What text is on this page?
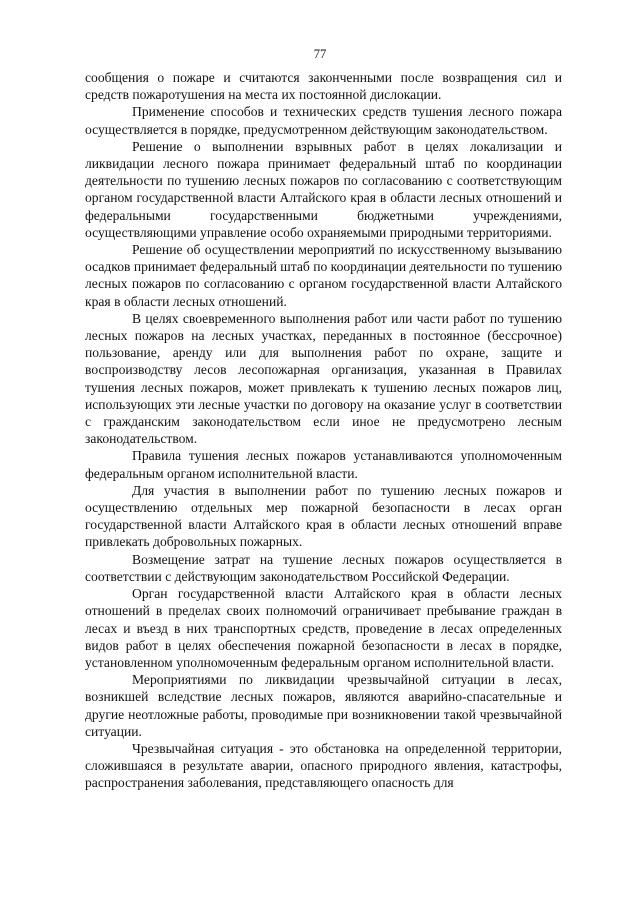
77

сообщения о пожаре и считаются законченными после возвращения сил и средств пожаротушения на места их постоянной дислокации.

Применение способов и технических средств тушения лесного пожара осуществляется в порядке, предусмотренном действующим законодательством.

Решение о выполнении взрывных работ в целях локализации и ликвидации лесного пожара принимает федеральный штаб по координации деятельности по тушению лесных пожаров по согласованию с соответствующим органом государственной власти Алтайского края в области лесных отношений и федеральными государственными бюджетными учреждениями, осуществляющими управление особо охраняемыми природными территориями.

Решение об осуществлении мероприятий по искусственному вызыванию осадков принимает федеральный штаб по координации деятельности по тушению лесных пожаров по согласованию с органом государственной власти Алтайского края в области лесных отношений.

В целях своевременного выполнения работ или части работ по тушению лесных пожаров на лесных участках, переданных в постоянное (бессрочное) пользование, аренду или для выполнения работ по охране, защите и воспроизводству лесов лесопожарная организация, указанная в Правилах тушения лесных пожаров, может привлекать к тушению лесных пожаров лиц, использующих эти лесные участки по договору на оказание услуг в соответствии с гражданским законодательством если иное не предусмотрено лесным законодательством.

Правила тушения лесных пожаров устанавливаются уполномоченным федеральным органом исполнительной власти.

Для участия в выполнении работ по тушению лесных пожаров и осуществлению отдельных мер пожарной безопасности в лесах орган государственной власти Алтайского края в области лесных отношений вправе привлекать добровольных пожарных.

Возмещение затрат на тушение лесных пожаров осуществляется в соответствии с действующим законодательством Российской Федерации.

Орган государственной власти Алтайского края в области лесных отношений в пределах своих полномочий ограничивает пребывание граждан в лесах и въезд в них транспортных средств, проведение в лесах определенных видов работ в целях обеспечения пожарной безопасности в лесах в порядке, установленном уполномоченным федеральным органом исполнительной власти.

Мероприятиями по ликвидации чрезвычайной ситуации в лесах, возникшей вследствие лесных пожаров, являются аварийно-спасательные и другие неотложные работы, проводимые при возникновении такой чрезвычайной ситуации.

Чрезвычайная ситуация - это обстановка на определенной территории, сложившаяся в результате аварии, опасного природного явления, катастрофы, распространения заболевания, представляющего опасность для
